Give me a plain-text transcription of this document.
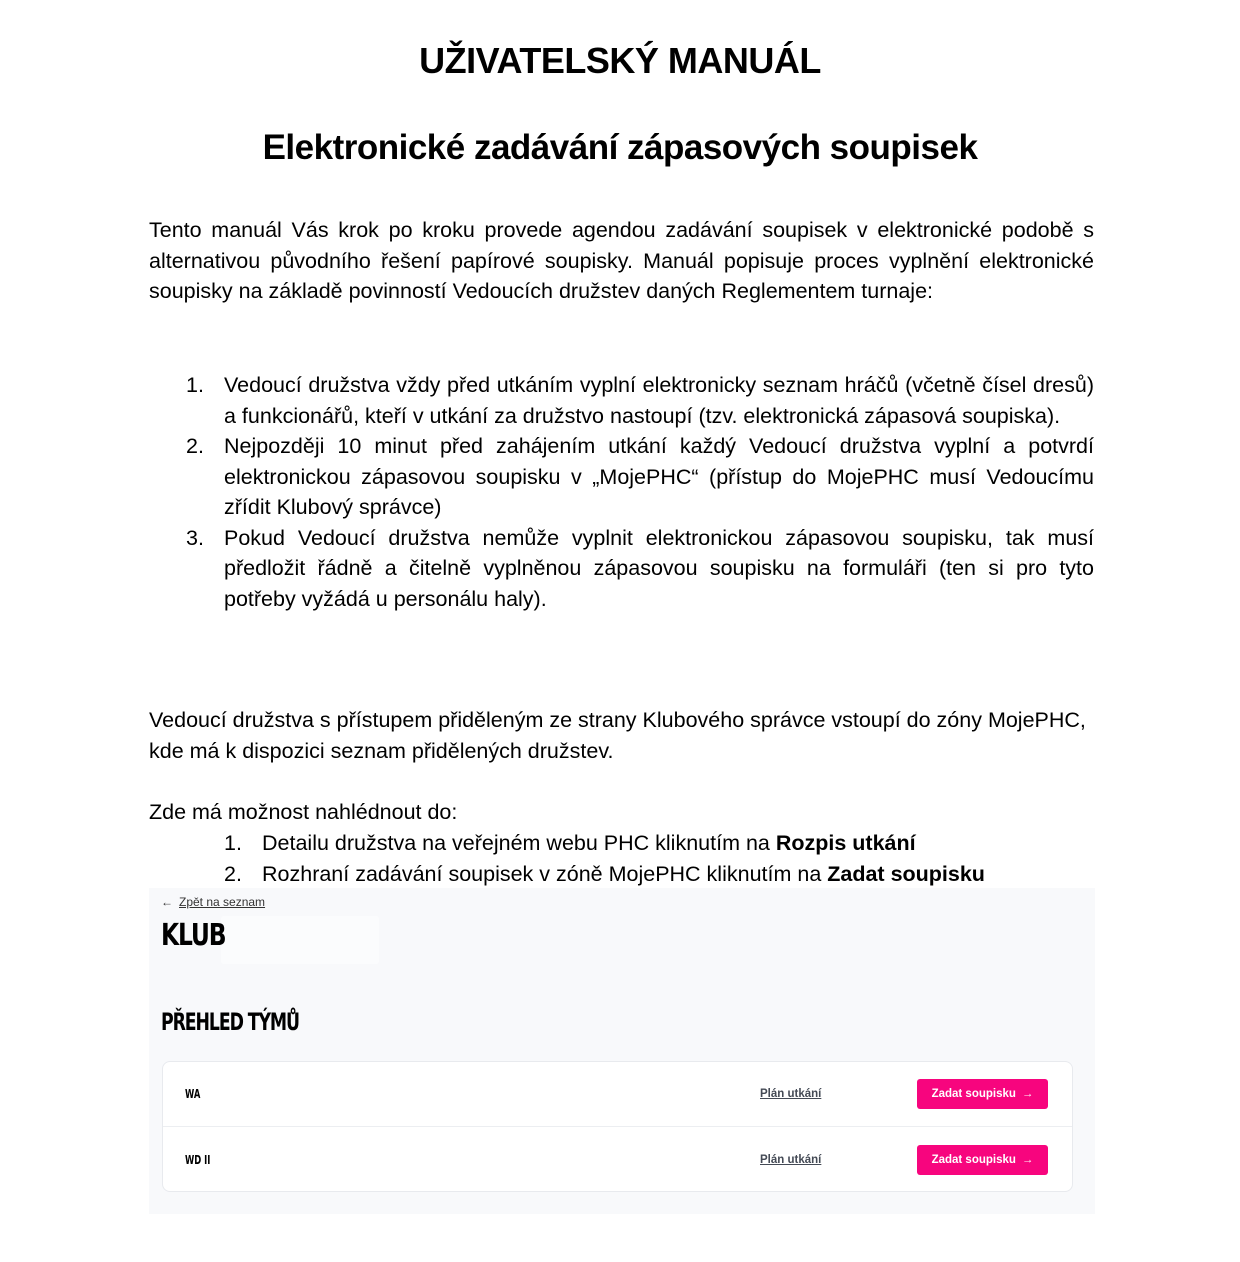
UŽIVATELSKÝ MANUÁL
Elektronické zadávání zápasových soupisek

Tento manuál Vás krok po kroku provede agendou zadávání soupisek v elektronické podobě s alternativou původního řešení papírové soupisky. Manuál popisuje proces vyplnění elektronické soupisky na základě povinností Vedoucích družstev daných Reglementem turnaje:

1. Vedoucí družstva vždy před utkáním vyplní elektronicky seznam hráčů (včetně čísel dresů) a funkcionářů, kteří v utkání za družstvo nastoupí (tzv. elektronická zápasová soupiska).
2. Nejpozději 10 minut před zahájením utkání každý Vedoucí družstva vyplní a potvrdí elektronickou zápasovou soupisku v „MojePHC“ (přístup do MojePHC musí Vedoucímu zřídit Klubový správce)
3. Pokud Vedoucí družstva nemůže vyplnit elektronickou zápasovou soupisku, tak musí předložit řádně a čitelně vyplněnou zápasovou soupisku na formuláři (ten si pro tyto potřeby vyžádá u personálu haly).

Vedoucí družstva s přístupem přiděleným ze strany Klubového správce vstoupí do zóny MojePHC, kde má k dispozici seznam přidělených družstev.

Zde má možnost nahlédnout do:

1. Detailu družstva na veřejném webu PHC kliknutím na Rozpis utkání
2. Rozhraní zadávání soupisek v zóně MojePHC kliknutím na Zadat soupisku
← Zpět na seznam
KLUB
PŘEHLED TÝMŮ
WA	Plán utkání	Zadat soupisku →
WD II	Plán utkání	Zadat soupisku →
